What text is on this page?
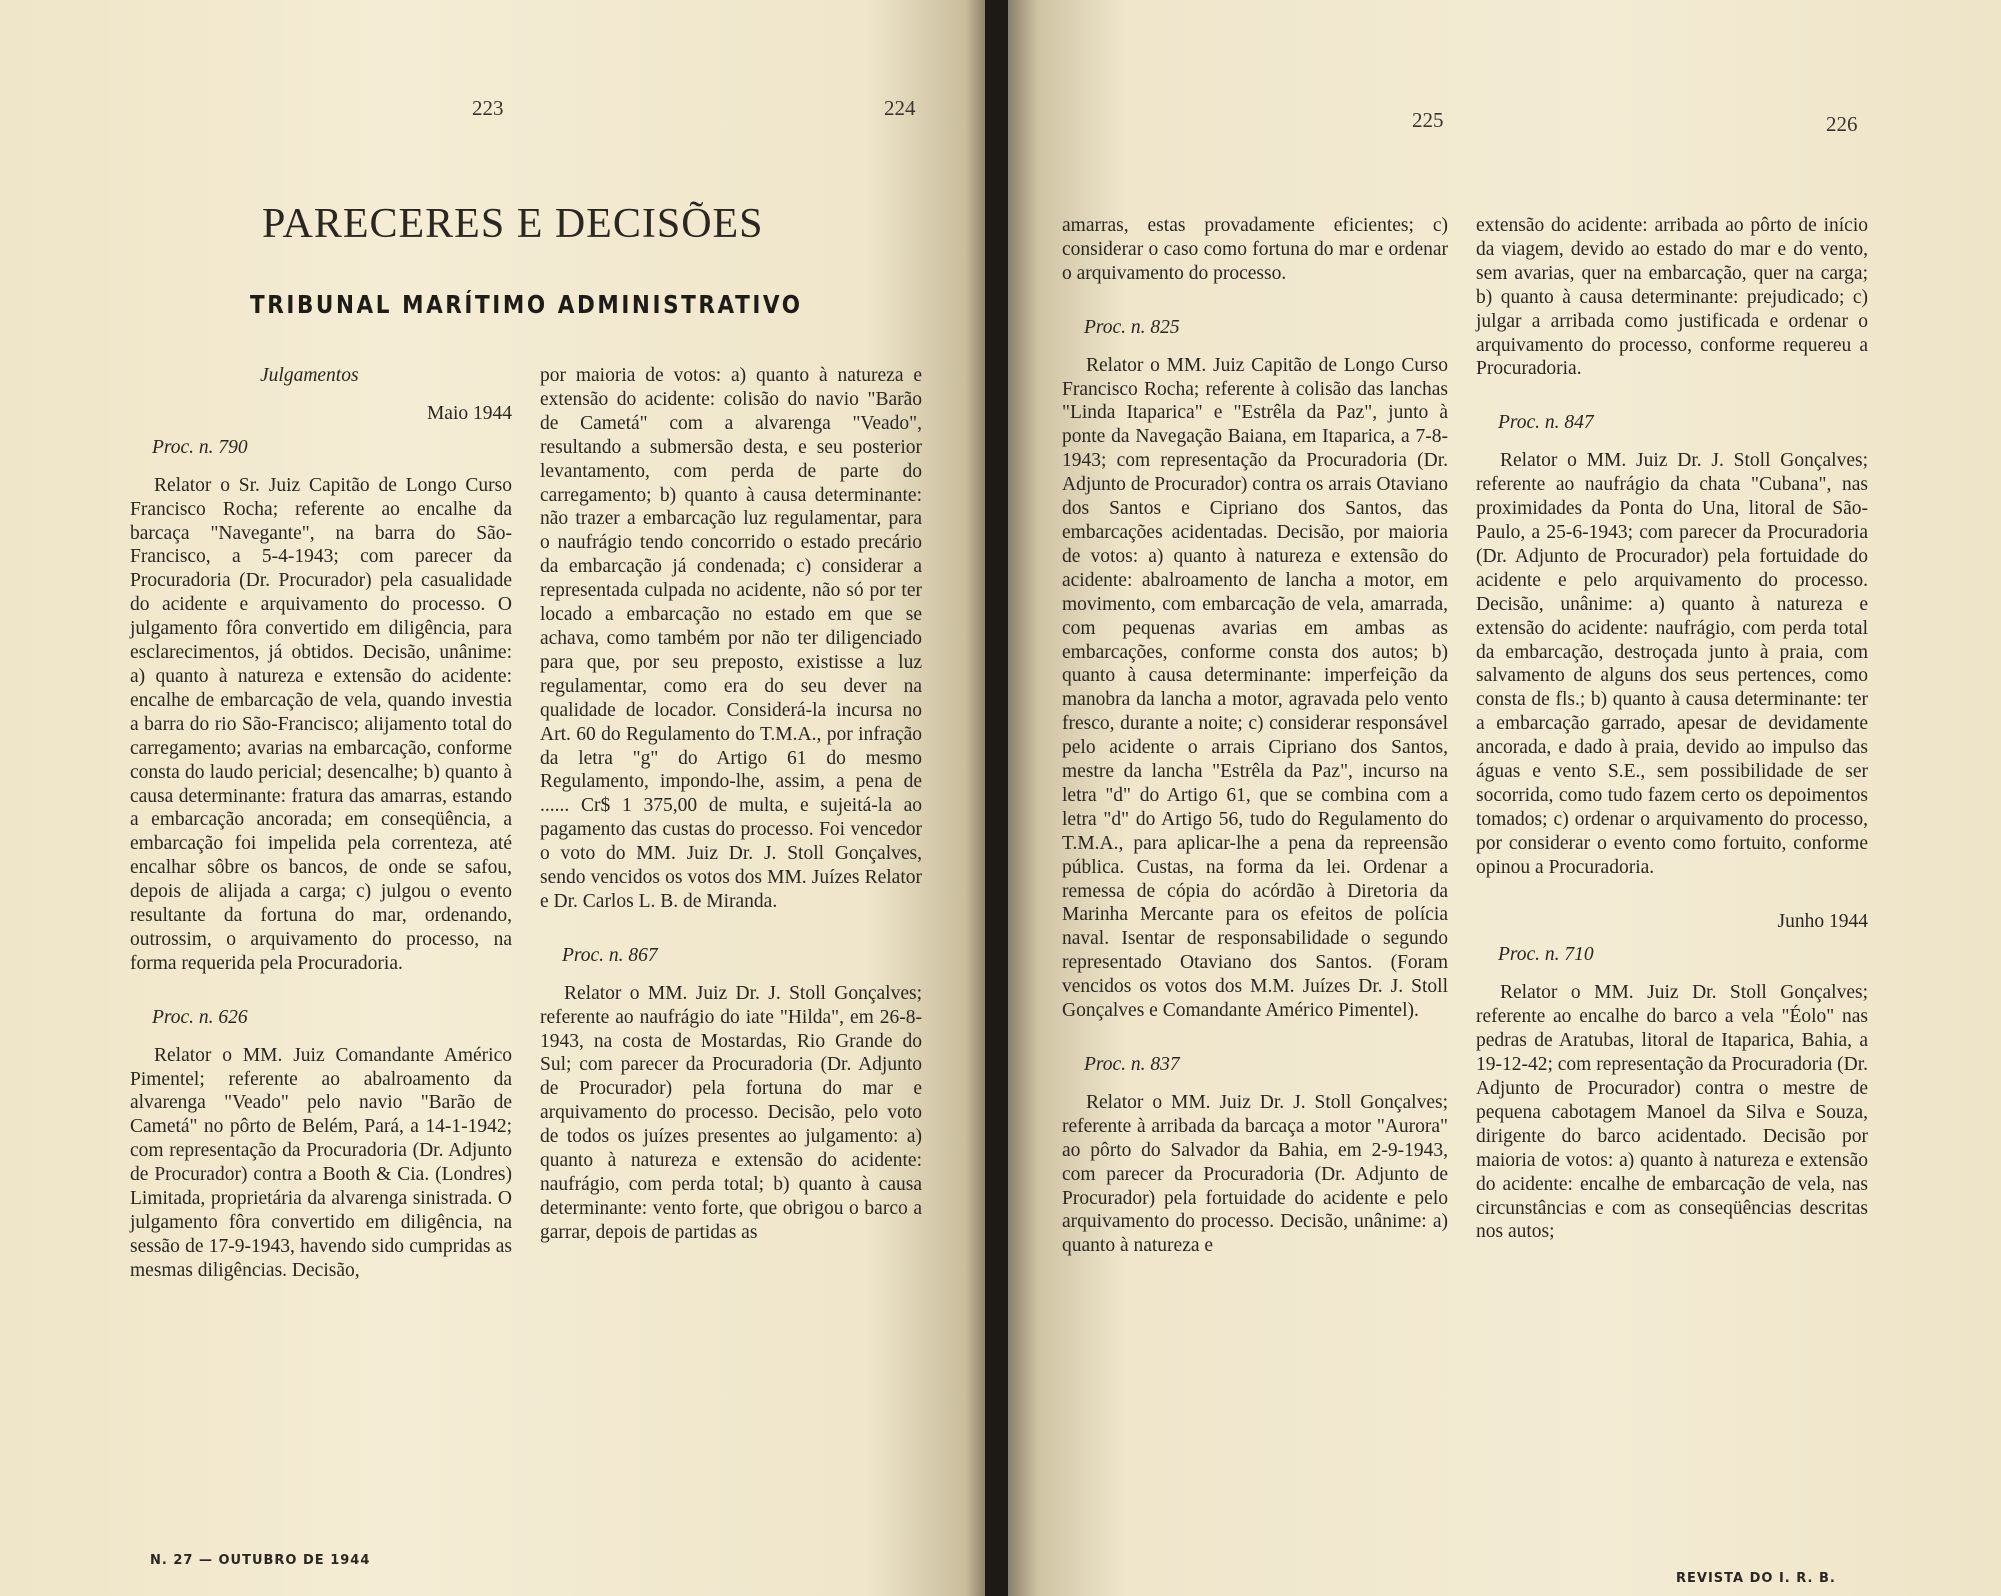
223	224
PARECERES E DECISÕES
TRIBUNAL MARÍTIMO ADMINISTRATIVO
Julgamentos
Maio 1944
Proc. n. 790

Relator o Sr. Juiz Capitão de Longo Curso Francisco Rocha; referente ao encalhe da barcaça "Navegante", na barra do São-Francisco, a 5-4-1943; com parecer da Procuradoria (Dr. Procurador) pela casualidade do acidente e arquivamento do processo. O julgamento fôra convertido em diligência, para esclarecimentos, já obtidos. Decisão, unânime: a) quanto à natureza e extensão do acidente: encalhe de embarcação de vela, quando investia a barra do rio São-Francisco; alijamento total do carregamento; avarias na embarcação, conforme consta do laudo pericial; desencalhe; b) quanto à causa determinante: fratura das amarras, estando a embarcação ancorada; em conseqüência, a embarcação foi impelida pela correnteza, até encalhar sôbre os bancos, de onde se safou, depois de alijada a carga; c) julgou o evento resultante da fortuna do mar, ordenando, outrossim, o arquivamento do processo, na forma requerida pela Procuradoria.

Proc. n. 626

Relator o MM. Juiz Comandante Américo Pimentel; referente ao abalroamento da alvarenga "Veado" pelo navio "Barão de Cametá" no pôrto de Belém, Pará, a 14-1-1942; com representação da Procuradoria (Dr. Adjunto de Procurador) contra a Booth & Cia. (Londres) Limitada, proprietária da alvarenga sinistrada. O julgamento fôra convertido em diligência, na sessão de 17-9-1943, havendo sido cumpridas as mesmas diligências. Decisão,

por maioria de votos: a) quanto à natureza e extensão do acidente: colisão do navio "Barão de Cametá" com a alvarenga "Veado", resultando a submersão desta, e seu posterior levantamento, com perda de parte do carregamento; b) quanto à causa determinante: não trazer a embarcação luz regulamentar, para o naufrágio tendo concorrido o estado precário da embarcação já condenada; c) considerar a representada culpada no acidente, não só por ter locado a embarcação no estado em que se achava, como também por não ter diligenciado para que, por seu preposto, existisse a luz regulamentar, como era do seu dever na qualidade de locador. Considerá-la incursa no Art. 60 do Regulamento do T.M.A., por infração da letra "g" do Artigo 61 do mesmo Regulamento, impondo-lhe, assim, a pena de ...... Cr$ 1 375,00 de multa, e sujeitá-la ao pagamento das custas do processo. Foi vencedor o voto do MM. Juiz Dr. J. Stoll Gonçalves, sendo vencidos os votos dos MM. Juízes Relator e Dr. Carlos L. B. de Miranda.

Proc. n. 867

Relator o MM. Juiz Dr. J. Stoll Gonçalves; referente ao naufrágio do iate "Hilda", em 26-8-1943, na costa de Mostardas, Rio Grande do Sul; com parecer da Procuradoria (Dr. Adjunto de Procurador) pela fortuna do mar e arquivamento do processo. Decisão, pelo voto de todos os juízes presentes ao julgamento: a) quanto à natureza e extensão do acidente: naufrágio, com perda total; b) quanto à causa determinante: vento forte, que obrigou o barco a garrar, depois de partidas as

N. 27 — OUTUBRO DE 1944
225	226

amarras, estas provadamente eficientes; c) considerar o caso como fortuna do mar e ordenar o arquivamento do processo.

Proc. n. 825

Relator o MM. Juiz Capitão de Longo Curso Francisco Rocha; referente à colisão das lanchas "Linda Itaparica" e "Estrêla da Paz", junto à ponte da Navegação Baiana, em Itaparica, a 7-8-1943; com representação da Procuradoria (Dr. Adjunto de Procurador) contra os arrais Otaviano dos Santos e Cipriano dos Santos, das embarcações acidentadas. Decisão, por maioria de votos: a) quanto à natureza e extensão do acidente: abalroamento de lancha a motor, em movimento, com embarcação de vela, amarrada, com pequenas avarias em ambas as embarcações, conforme consta dos autos; b) quanto à causa determinante: imperfeição da manobra da lancha a motor, agravada pelo vento fresco, durante a noite; c) considerar responsável pelo acidente o arrais Cipriano dos Santos, mestre da lancha "Estrêla da Paz", incurso na letra "d" do Artigo 61, que se combina com a letra "d" do Artigo 56, tudo do Regulamento do T.M.A., para aplicar-lhe a pena da repreensão pública. Custas, na forma da lei. Ordenar a remessa de cópia do acórdão à Diretoria da Marinha Mercante para os efeitos de polícia naval. Isentar de responsabilidade o segundo representado Otaviano dos Santos. (Foram vencidos os votos dos M.M. Juízes Dr. J. Stoll Gonçalves e Comandante Américo Pimentel).

Proc. n. 837

Relator o MM. Juiz Dr. J. Stoll Gonçalves; referente à arribada da barcaça a motor "Aurora" ao pôrto do Salvador da Bahia, em 2-9-1943, com parecer da Procuradoria (Dr. Adjunto de Procurador) pela fortuidade do acidente e pelo arquivamento do processo. Decisão, unânime: a) quanto à natureza e

extensão do acidente: arribada ao pôrto de início da viagem, devido ao estado do mar e do vento, sem avarias, quer na embarcação, quer na carga; b) quanto à causa determinante: prejudicado; c) julgar a arribada como justificada e ordenar o arquivamento do processo, conforme requereu a Procuradoria.

Proc. n. 847

Relator o MM. Juiz Dr. J. Stoll Gonçalves; referente ao naufrágio da chata "Cubana", nas proximidades da Ponta do Una, litoral de São-Paulo, a 25-6-1943; com parecer da Procuradoria (Dr. Adjunto de Procurador) pela fortuidade do acidente e pelo arquivamento do processo. Decisão, unânime: a) quanto à natureza e extensão do acidente: naufrágio, com perda total da embarcação, destroçada junto à praia, com salvamento de alguns dos seus pertences, como consta de fls.; b) quanto à causa determinante: ter a embarcação garrado, apesar de devidamente ancorada, e dado à praia, devido ao impulso das águas e vento S.E., sem possibilidade de ser socorrida, como tudo fazem certo os depoimentos tomados; c) ordenar o arquivamento do processo, por considerar o evento como fortuito, conforme opinou a Procuradoria.

Junho 1944
Proc. n. 710

Relator o MM. Juiz Dr. Stoll Gonçalves; referente ao encalhe do barco a vela "Éolo" nas pedras de Aratubas, litoral de Itaparica, Bahia, a 19-12-42; com representação da Procuradoria (Dr. Adjunto de Procurador) contra o mestre de pequena cabotagem Manoel da Silva e Souza, dirigente do barco acidentado. Decisão por maioria de votos: a) quanto à natureza e extensão do acidente: encalhe de embarcação de vela, nas circunstâncias e com as conseqüências descritas nos autos;

REVISTA DO I. R. B.
